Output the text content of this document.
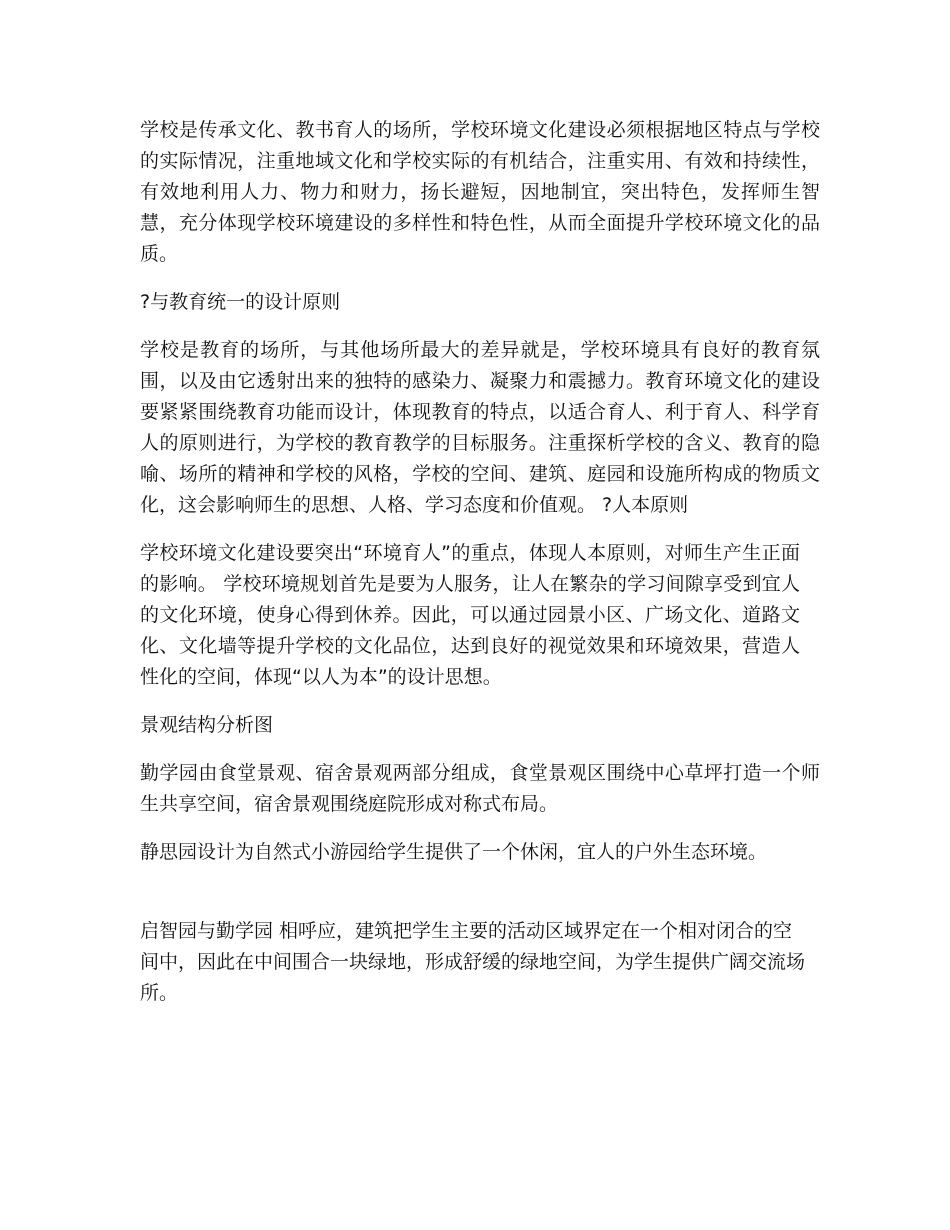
学校是传承文化、教书育人的场所，学校环境文化建设必须根据地区特点与学校的实际情况，注重地域文化和学校实际的有机结合，注重实用、有效和持续性，有效地利用人力、物力和财力，扬长避短，因地制宜，突出特色，发挥师生智慧，充分体现学校环境建设的多样性和特色性，从而全面提升学校环境文化的品质。

?与教育统一的设计原则

学校是教育的场所，与其他场所最大的差异就是，学校环境具有良好的教育氛围，以及由它透射出来的独特的感染力、凝聚力和震撼力。教育环境文化的建设要紧紧围绕教育功能而设计，体现教育的特点，以适合育人、利于育人、科学育人的原则进行，为学校的教育教学的目标服务。注重探析学校的含义、教育的隐喻、场所的精神和学校的风格，学校的空间、建筑、庭园和设施所构成的物质文化，这会影响师生的思想、人格、学习态度和价值观。 ?人本原则

学校环境文化建设要突出“环境育人”的重点，体现人本原则，对师生产生正面的影响。 学校环境规划首先是要为人服务，让人在繁杂的学习间隙享受到宜人的文化环境，使身心得到休养。因此，可以通过园景小区、广场文化、道路文化、文化墙等提升学校的文化品位，达到良好的视觉效果和环境效果，营造人性化的空间，体现“以人为本”的设计思想。

景观结构分析图

勤学园由食堂景观、宿舍景观两部分组成，食堂景观区围绕中心草坪打造一个师生共享空间，宿舍景观围绕庭院形成对称式布局。

静思园设计为自然式小游园给学生提供了一个休闲，宜人的户外生态环境。

启智园与勤学园 相呼应，建筑把学生主要的活动区域界定在一个相对闭合的空间中，因此在中间围合一块绿地，形成舒缓的绿地空间，为学生提供广阔交流场所。
